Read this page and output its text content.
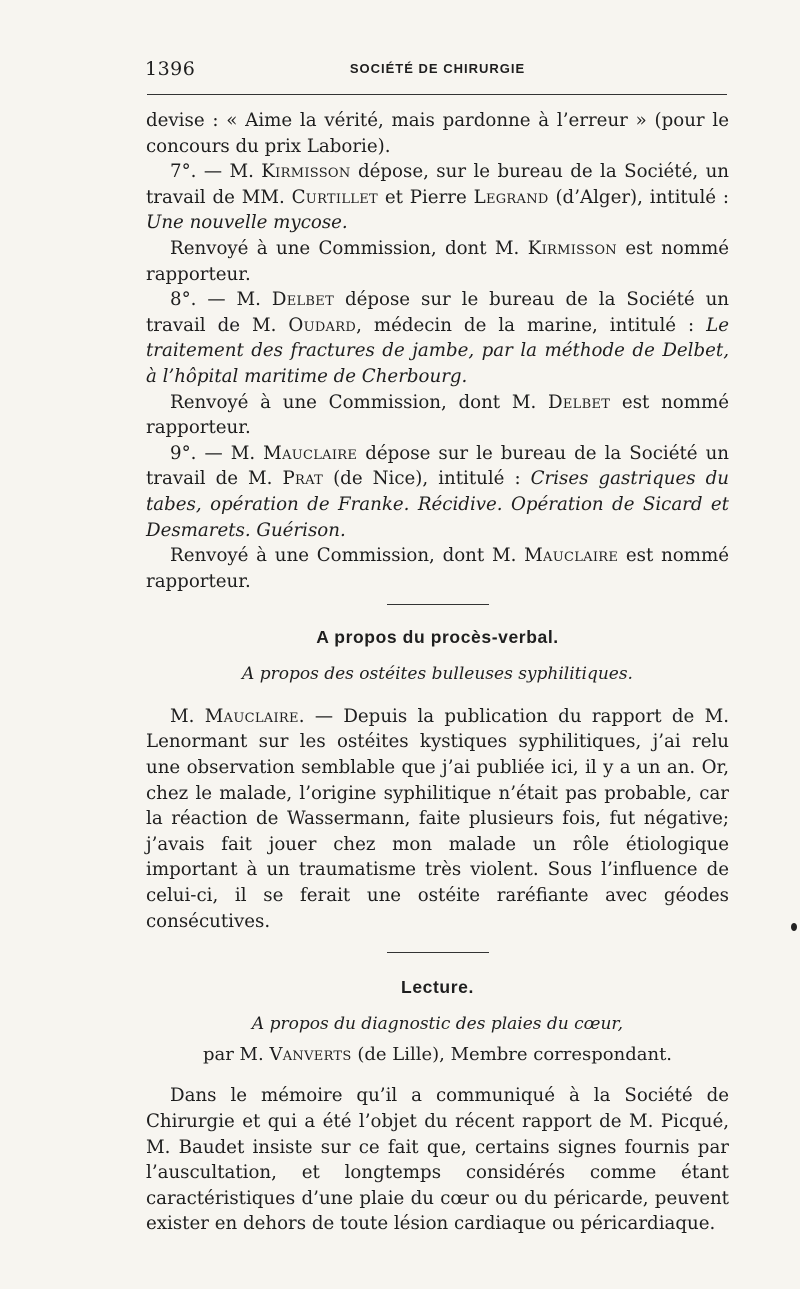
1396	SOCIÉTÉ DE CHIRURGIE

devise : « Aime la vérité, mais pardonne à l’erreur » (pour le concours du prix Laborie).

7°. — M. Kirmisson dépose, sur le bureau de la Société, un travail de MM. Curtillet et Pierre Legrand (d’Alger), intitulé : Une nouvelle mycose.

Renvoyé à une Commission, dont M. Kirmisson est nommé rapporteur.

8°. — M. Delbet dépose sur le bureau de la Société un travail de M. Oudard, médecin de la marine, intitulé : Le traitement des fractures de jambe, par la méthode de Delbet, à l’hôpital maritime de Cherbourg.

Renvoyé à une Commission, dont M. Delbet est nommé rapporteur.

9°. — M. Mauclaire dépose sur le bureau de la Société un travail de M. Prat (de Nice), intitulé : Crises gastriques du tabes, opération de Franke. Récidive. Opération de Sicard et Desmarets. Guérison.

Renvoyé à une Commission, dont M. Mauclaire est nommé rapporteur.

A propos du procès-verbal.

A propos des ostéites bulleuses syphilitiques.

M. Mauclaire. — Depuis la publication du rapport de M. Lenormant sur les ostéites kystiques syphilitiques, j’ai relu une observation semblable que j’ai publiée ici, il y a un an. Or, chez le malade, l’origine syphilitique n’était pas probable, car la réaction de Wassermann, faite plusieurs fois, fut négative; j’avais fait jouer chez mon malade un rôle étiologique important à un traumatisme très violent. Sous l’influence de celui-ci, il se ferait une ostéite raréfiante avec géodes consécutives.

Lecture.

A propos du diagnostic des plaies du cœur,

par M. Vanverts (de Lille), Membre correspondant.

Dans le mémoire qu’il a communiqué à la Société de Chirurgie et qui a été l’objet du récent rapport de M. Picqué, M. Baudet insiste sur ce fait que, certains signes fournis par l’auscultation, et longtemps considérés comme étant caractéristiques d’une plaie du cœur ou du péricarde, peuvent exister en dehors de toute lésion cardiaque ou péricardiaque.
